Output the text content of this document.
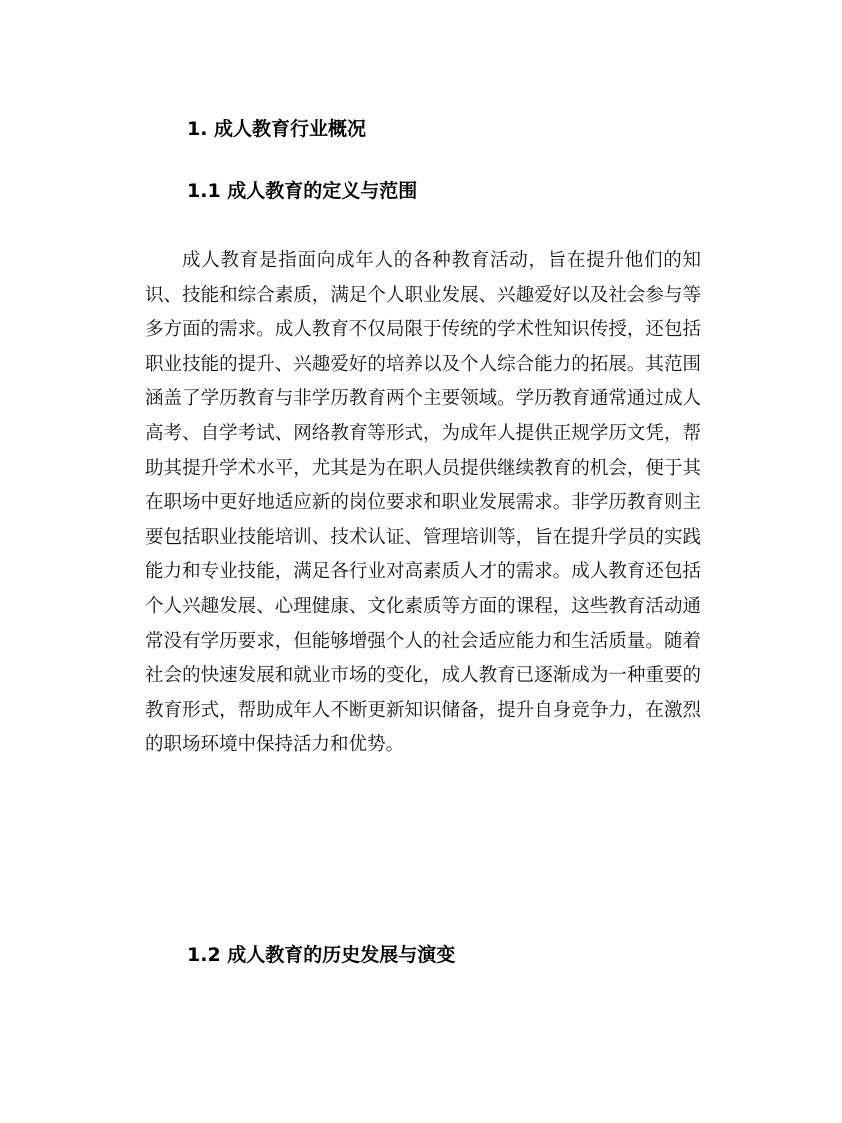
1. 成人教育行业概况
1.1 成人教育的定义与范围

成人教育是指面向成年人的各种教育活动，旨在提升他们的知识、技能和综合素质，满足个人职业发展、兴趣爱好以及社会参与等多方面的需求。成人教育不仅局限于传统的学术性知识传授，还包括职业技能的提升、兴趣爱好的培养以及个人综合能力的拓展。其范围涵盖了学历教育与非学历教育两个主要领域。学历教育通常通过成人高考、自学考试、网络教育等形式，为成年人提供正规学历文凭，帮助其提升学术水平，尤其是为在职人员提供继续教育的机会，便于其在职场中更好地适应新的岗位要求和职业发展需求。非学历教育则主要包括职业技能培训、技术认证、管理培训等，旨在提升学员的实践能力和专业技能，满足各行业对高素质人才的需求。成人教育还包括个人兴趣发展、心理健康、文化素质等方面的课程，这些教育活动通常没有学历要求，但能够增强个人的社会适应能力和生活质量。随着社会的快速发展和就业市场的变化，成人教育已逐渐成为一种重要的教育形式，帮助成年人不断更新知识储备，提升自身竞争力，在激烈的职场环境中保持活力和优势。

1.2 成人教育的历史发展与演变
